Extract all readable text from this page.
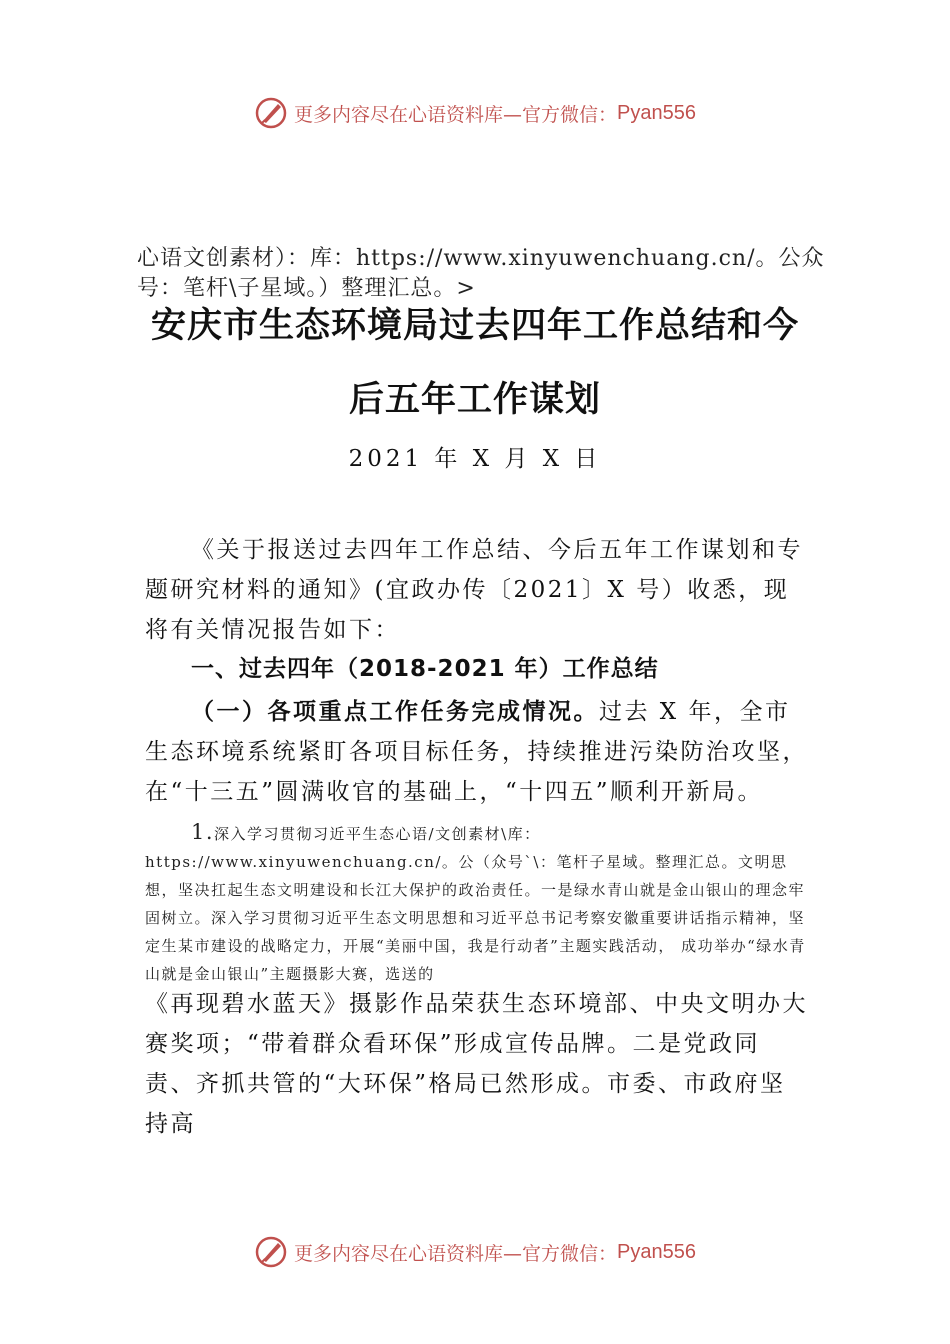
更多内容尽在心语资料库—官方微信： Pyan556
心语文创素材）：库：https://www.xinyuwenchuang.cn/。公众号：笔杆\子星域。）整理汇总。>
安庆市生态环境局过去四年工作总结和今
后五年工作谋划
2021 年 X 月 X 日
《关于报送过去四年工作总结、今后五年工作谋划和专题研究材料的通知》(宜政办传〔2021〕X 号）收悉，现将有关情况报告如下：
一、过去四年（2018-2021 年）工作总结
（一）各项重点工作任务完成情况。过去 X 年，全市生态环境系统紧盯各项目标任务，持续推进污染防治攻坚，在“十三五”圆满收官的基础上，“十四五”顺利开新局。
1.深入学习贯彻习近平生态心语/文创素材\库：https://www.xinyuwenchuang.cn/。公（众号`\：笔杆子星域。整理汇总。文明思想，坚决扛起生态文明建设和长江大保护的政治责任。一是绿水青山就是金山银山的理念牢固树立。深入学习贯彻习近平生态文明思想和习近平总书记考察安徽重要讲话指示精神，坚定生某市建设的战略定力，开展“美丽中国，我是行动者”主题实践活动， 成功举办“绿水青山就是金山银山”主题摄影大赛，选送的
《再现碧水蓝天》摄影作品荣获生态环境部、中央文明办大赛奖项；“带着群众看环保”形成宣传品牌。二是党政同责、齐抓共管的“大环保”格局已然形成。市委、市政府坚持高
更多内容尽在心语资料库—官方微信： Pyan556
